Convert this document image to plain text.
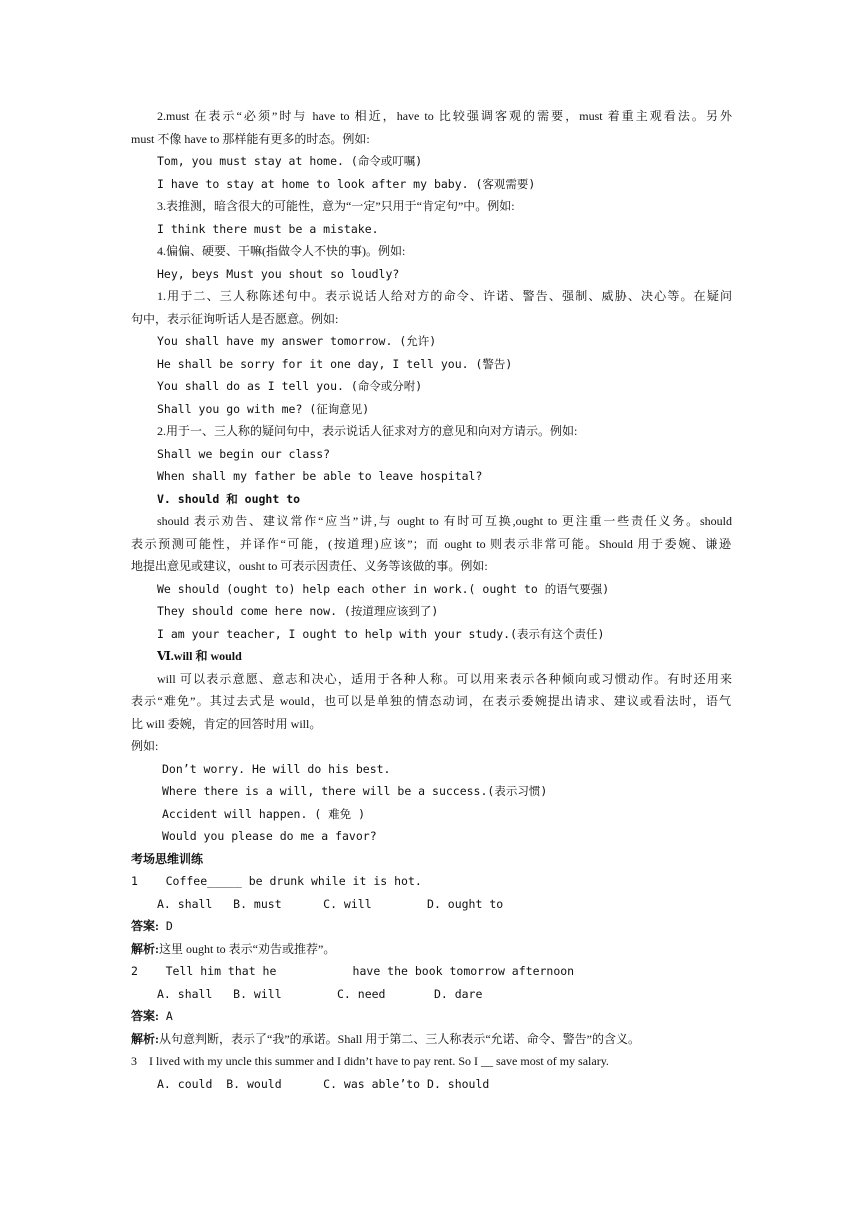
2.must 在表示“必须”时与 have to 相近，have to 比较强调客观的需要，must 着重主观看法。另外
must 不像 have to 那样能有更多的时态。例如:
Tom, you must stay at home. (命令或叮嘱)
I have to stay at home to look after my baby. (客观需要)
3.表推测，暗含很大的可能性，意为“一定”只用于“肯定句”中。例如:
I think there must be a mistake.
4.偏偏、硬要、干嘛(指做令人不快的事)。例如:
Hey, beys Must you shout so loudly?
1.用于二、三人称陈述句中。表示说话人给对方的命令、许诺、警告、强制、威胁、决心等。在疑问
句中，表示征询听话人是否愿意。例如:
You shall have my answer tomorrow. (允许)
He shall be sorry for it one day, I tell you. (警告)
You shall do as I tell you. (命令或分咐)
Shall you go with me? (征询意见)
2.用于一、三人称的疑问句中，表示说话人征求对方的意见和向对方请示。例如:
Shall we begin our class?
When shall my father be able to leave hospital?
V. should 和 ought to
should 表示劝告、建议常作“应当”讲,与 ought to 有时可互换,ought to 更注重一些责任义务。should
表示预测可能性，并译作“可能，(按道理)应该”；而 ought to 则表示非常可能。Should 用于委婉、谦逊
地提出意见或建议，ousht to 可表示因责任、义务等该做的事。例如:
We should (ought to) help each other in work.( ought to 的语气要强)
They should come here now. (按道理应该到了)
I am your teacher, I ought to help with your study.(表示有这个责任)
Ⅵ.will 和 would
will 可以表示意愿、意志和决心，适用于各种人称。可以用来表示各种倾向或习惯动作。有时还用来
表示“难免”。其过去式是 would，也可以是单独的情态动词，在表示委婉提出请求、建议或看法时，语气
比 will 委婉，肯定的回答时用 will。
例如:
Don’t worry. He will do his best.
Where there is a will, there will be a success.(表示习惯)
Accident will happen. ( 难免 )
Would you please do me a favor?
考场思维训练
1    Coffee_____ be drunk while it is hot.
A. shall   B. must      C. will        D. ought to
答案: D
解析:这里 ought to 表示“劝告或推荐”。
2    Tell him that he           have the book tomorrow afternoon
A. shall   B. will        C. need       D. dare
答案: A
解析:从句意判断，表示了“我”的承诺。Shall 用于第二、三人称表示“允诺、命令、警告”的含义。
3    I lived with my uncle this summer and I didn’t have to pay rent. So I __ save most of my salary.
A. could  B. would      C. was able’to D. should
